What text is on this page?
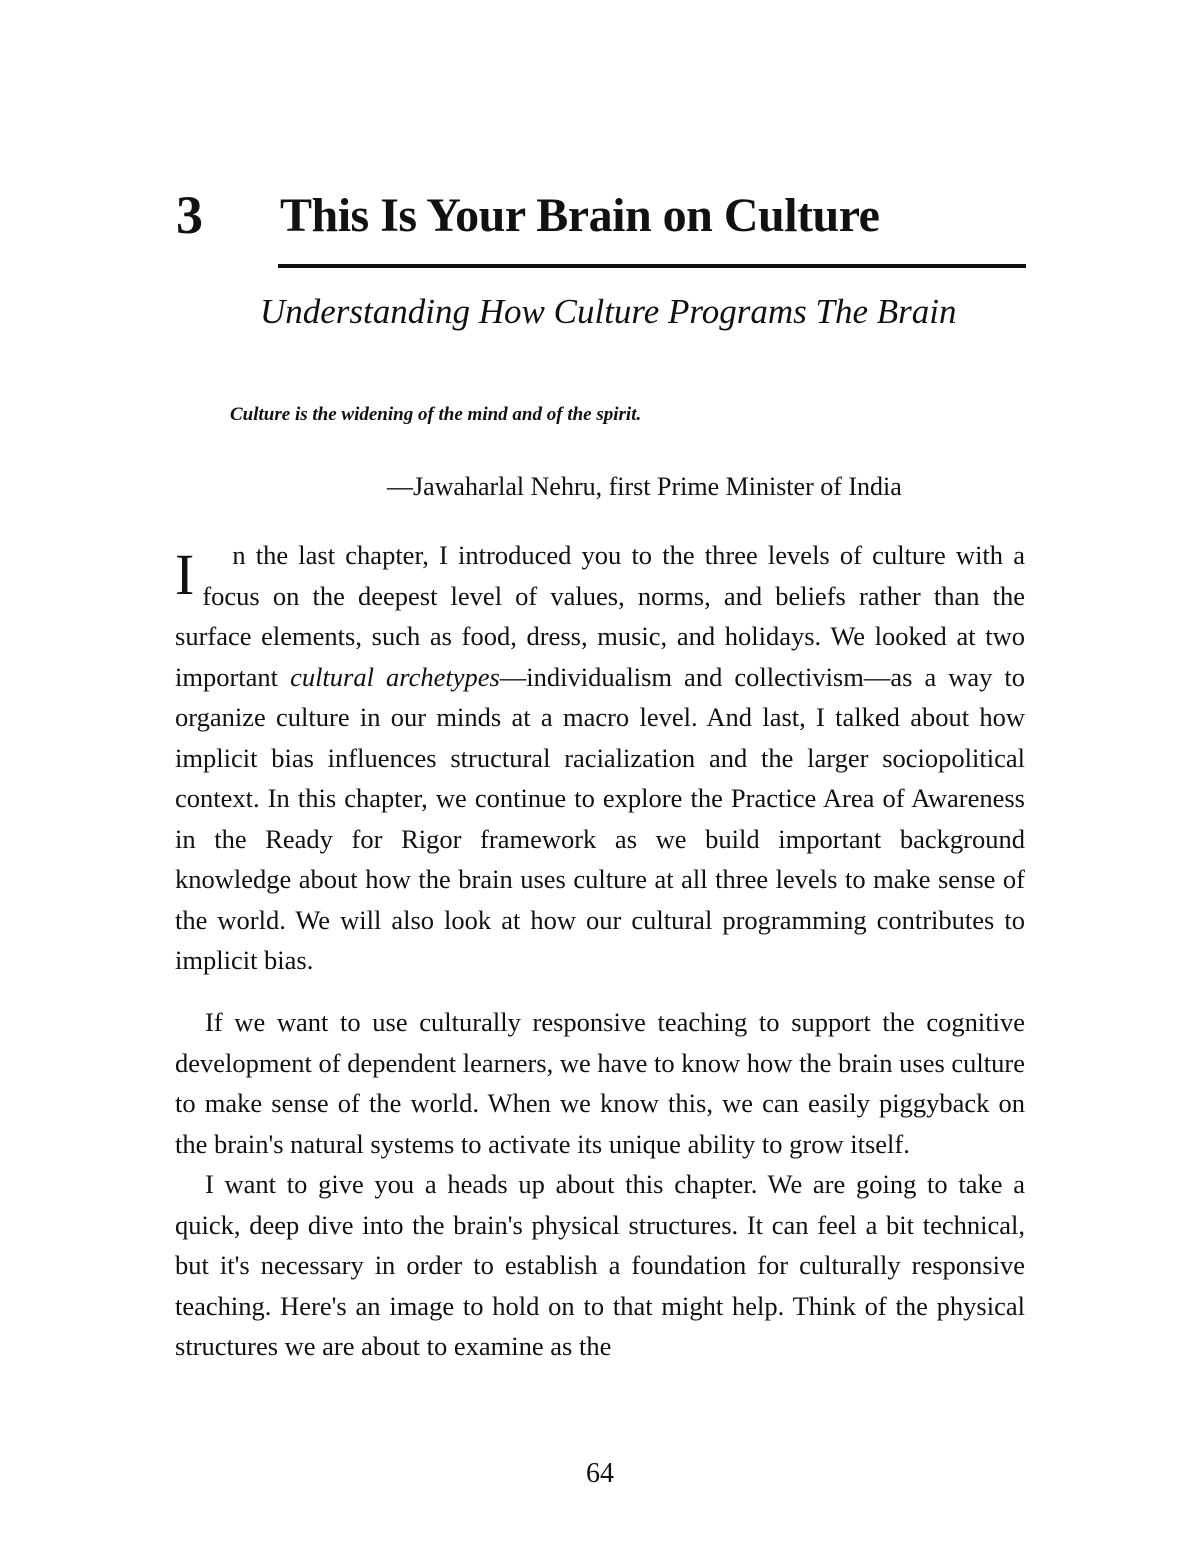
3 This Is Your Brain on Culture
Understanding How Culture Programs The Brain
Culture is the widening of the mind and of the spirit.
—Jawaharlal Nehru, first Prime Minister of India

I n the last chapter, I introduced you to the three levels of culture with a focus on the deepest level of values, norms, and beliefs rather than the surface elements, such as food, dress, music, and holidays. We looked at two important cultural archetypes—individualism and collectivism—as a way to organize culture in our minds at a macro level. And last, I talked about how implicit bias influences structural racialization and the larger sociopolitical context. In this chapter, we continue to explore the Practice Area of Awareness in the Ready for Rigor framework as we build important background knowledge about how the brain uses culture at all three levels to make sense of the world. We will also look at how our cultural programming contributes to implicit bias.

If we want to use culturally responsive teaching to support the cognitive development of dependent learners, we have to know how the brain uses culture to make sense of the world. When we know this, we can easily piggyback on the brain's natural systems to activate its unique ability to grow itself.

I want to give you a heads up about this chapter. We are going to take a quick, deep dive into the brain's physical structures. It can feel a bit technical, but it's necessary in order to establish a foundation for culturally responsive teaching. Here's an image to hold on to that might help. Think of the physical structures we are about to examine as the

64
